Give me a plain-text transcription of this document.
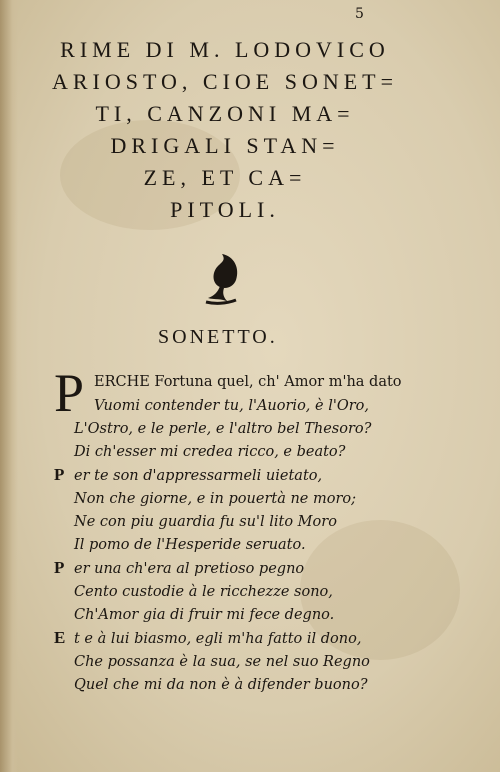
5
RIME DI M. LODOVICO
ARIOSTO, CIOE SONET=
TI, CANZONI MA=
DRIGALI STAN=
ZE, ET CA=
PITOLI.
SONETTO.
P ERCHE Fortuna quel, ch' Amor m'ha dato
Vuomi contender tu, l'Auorio, è l'Oro,
L'Ostro, e le perle, e l'altro bel Thesoro?
Di ch'esser mi credea ricco, e beato?
P er te son d'appressarmeli uietato,
Non che giorne, e in pouertà ne moro;
Ne con piu guardia fu su'l lito Moro
Il pomo de l'Hesperide seruato.
P er una ch'era al pretioso pegno
Cento custodie à le ricchezze sono,
Ch'Amor gia di fruir mi fece degno.
E t e à lui biasmo, egli m'ha fatto il dono,
Che possanza è la sua, se nel suo Regno
Quel che mi da non è à difender buono?
